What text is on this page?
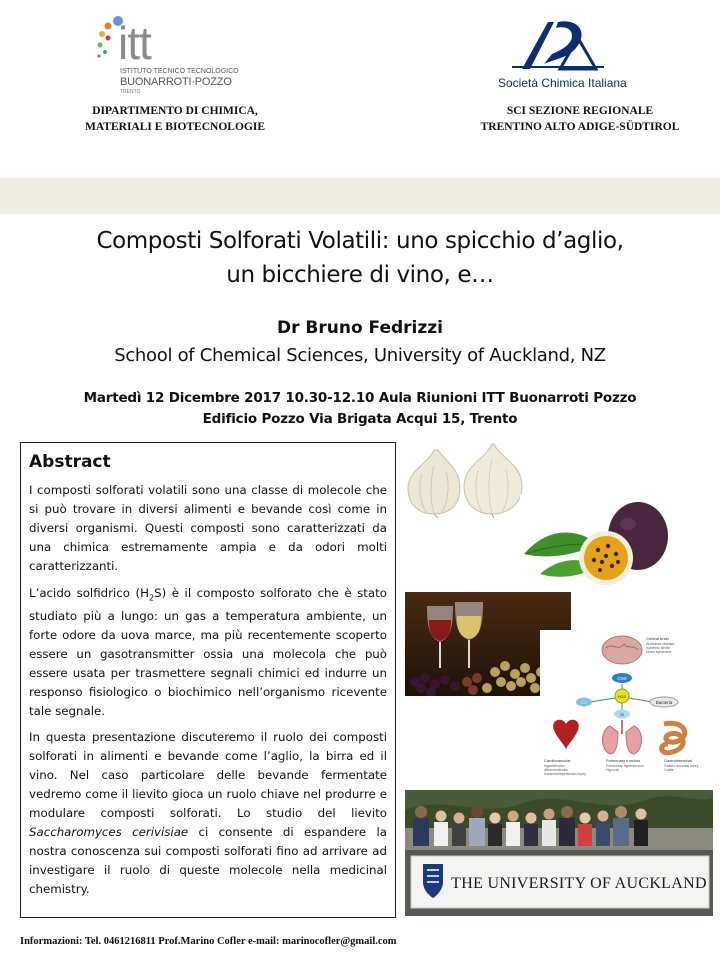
itt
ISTITUTO TECNICO TECNOLOGICO
BUONARROTI·POZZO
TRENTO
Società Chimica Italiana
DIPARTIMENTO DI CHIMICA,
MATERIALI E BIOTECNOLOGIE
SCI SEZIONE REGIONALE
TRENTINO ALTO ADIGE-SÜDTIROL
Composti Solforati Volatili: uno spicchio d’aglio,
un bicchiere di vino, e…
Dr Bruno Fedrizzi
School of Chemical Sciences, University of Auckland, NZ
Martedì 12 Dicembre 2017 10.30-12.10 Aula Riunioni ITT Buonarroti Pozzo
Edificio Pozzo Via Brigata Acqui 15, Trento
Abstract

I composti solforati volatili sono una classe di molecole che si può trovare in diversi alimenti e bevande così come in diversi organismi. Questi composti sono caratterizzati da una chimica estremamente ampia e da odori molti caratterizzanti.

L’acido solfidrico $(H_2S)$ è il composto solforato che è stato studiato più a lungo: un gas a temperatura ambiente, un forte odore da uova marce, ma più recentemente scoperto essere un gasotransmitter ossia una molecola che può essere usata per trasmettere segnali chimici ed indurre un responso fisiologico o biochimico nell’organismo ricevente tale segnale.

In questa presentazione discuteremo il ruolo dei composti solforati in alimenti e bevande come l’aglio, la birra ed il vino. Nel caso particolare delle bevande fermentate vedremo come il lievito gioca un ruolo chiave nel produrre e modulare composti solforati. Lo studio del lievito Saccharomyces cerivisiae ci consente di espandere la nostra conoscenza sui composti solforati fino ad arrivare ad investigare il ruolo di queste molecole nella medicinal chemistry.

Central brain
Alzheimer disease
Ischemic stroke
Down syndrome
CNS
H2S
CV
GI
Bacteria
Cardiovascular
Hypertension
Atherosclerosis
Ischemia/reperfusion injury
Pulmonary function
Pulmonary hypertension
Hypoxia
Gastrointestinal
Gastric mucosal injury
Colitis
THE UNIVERSITY OF AUCKLAND
Informazioni: Tel. 0461216811 Prof.Marino Cofler e-mail: marinocofler@gmail.com
